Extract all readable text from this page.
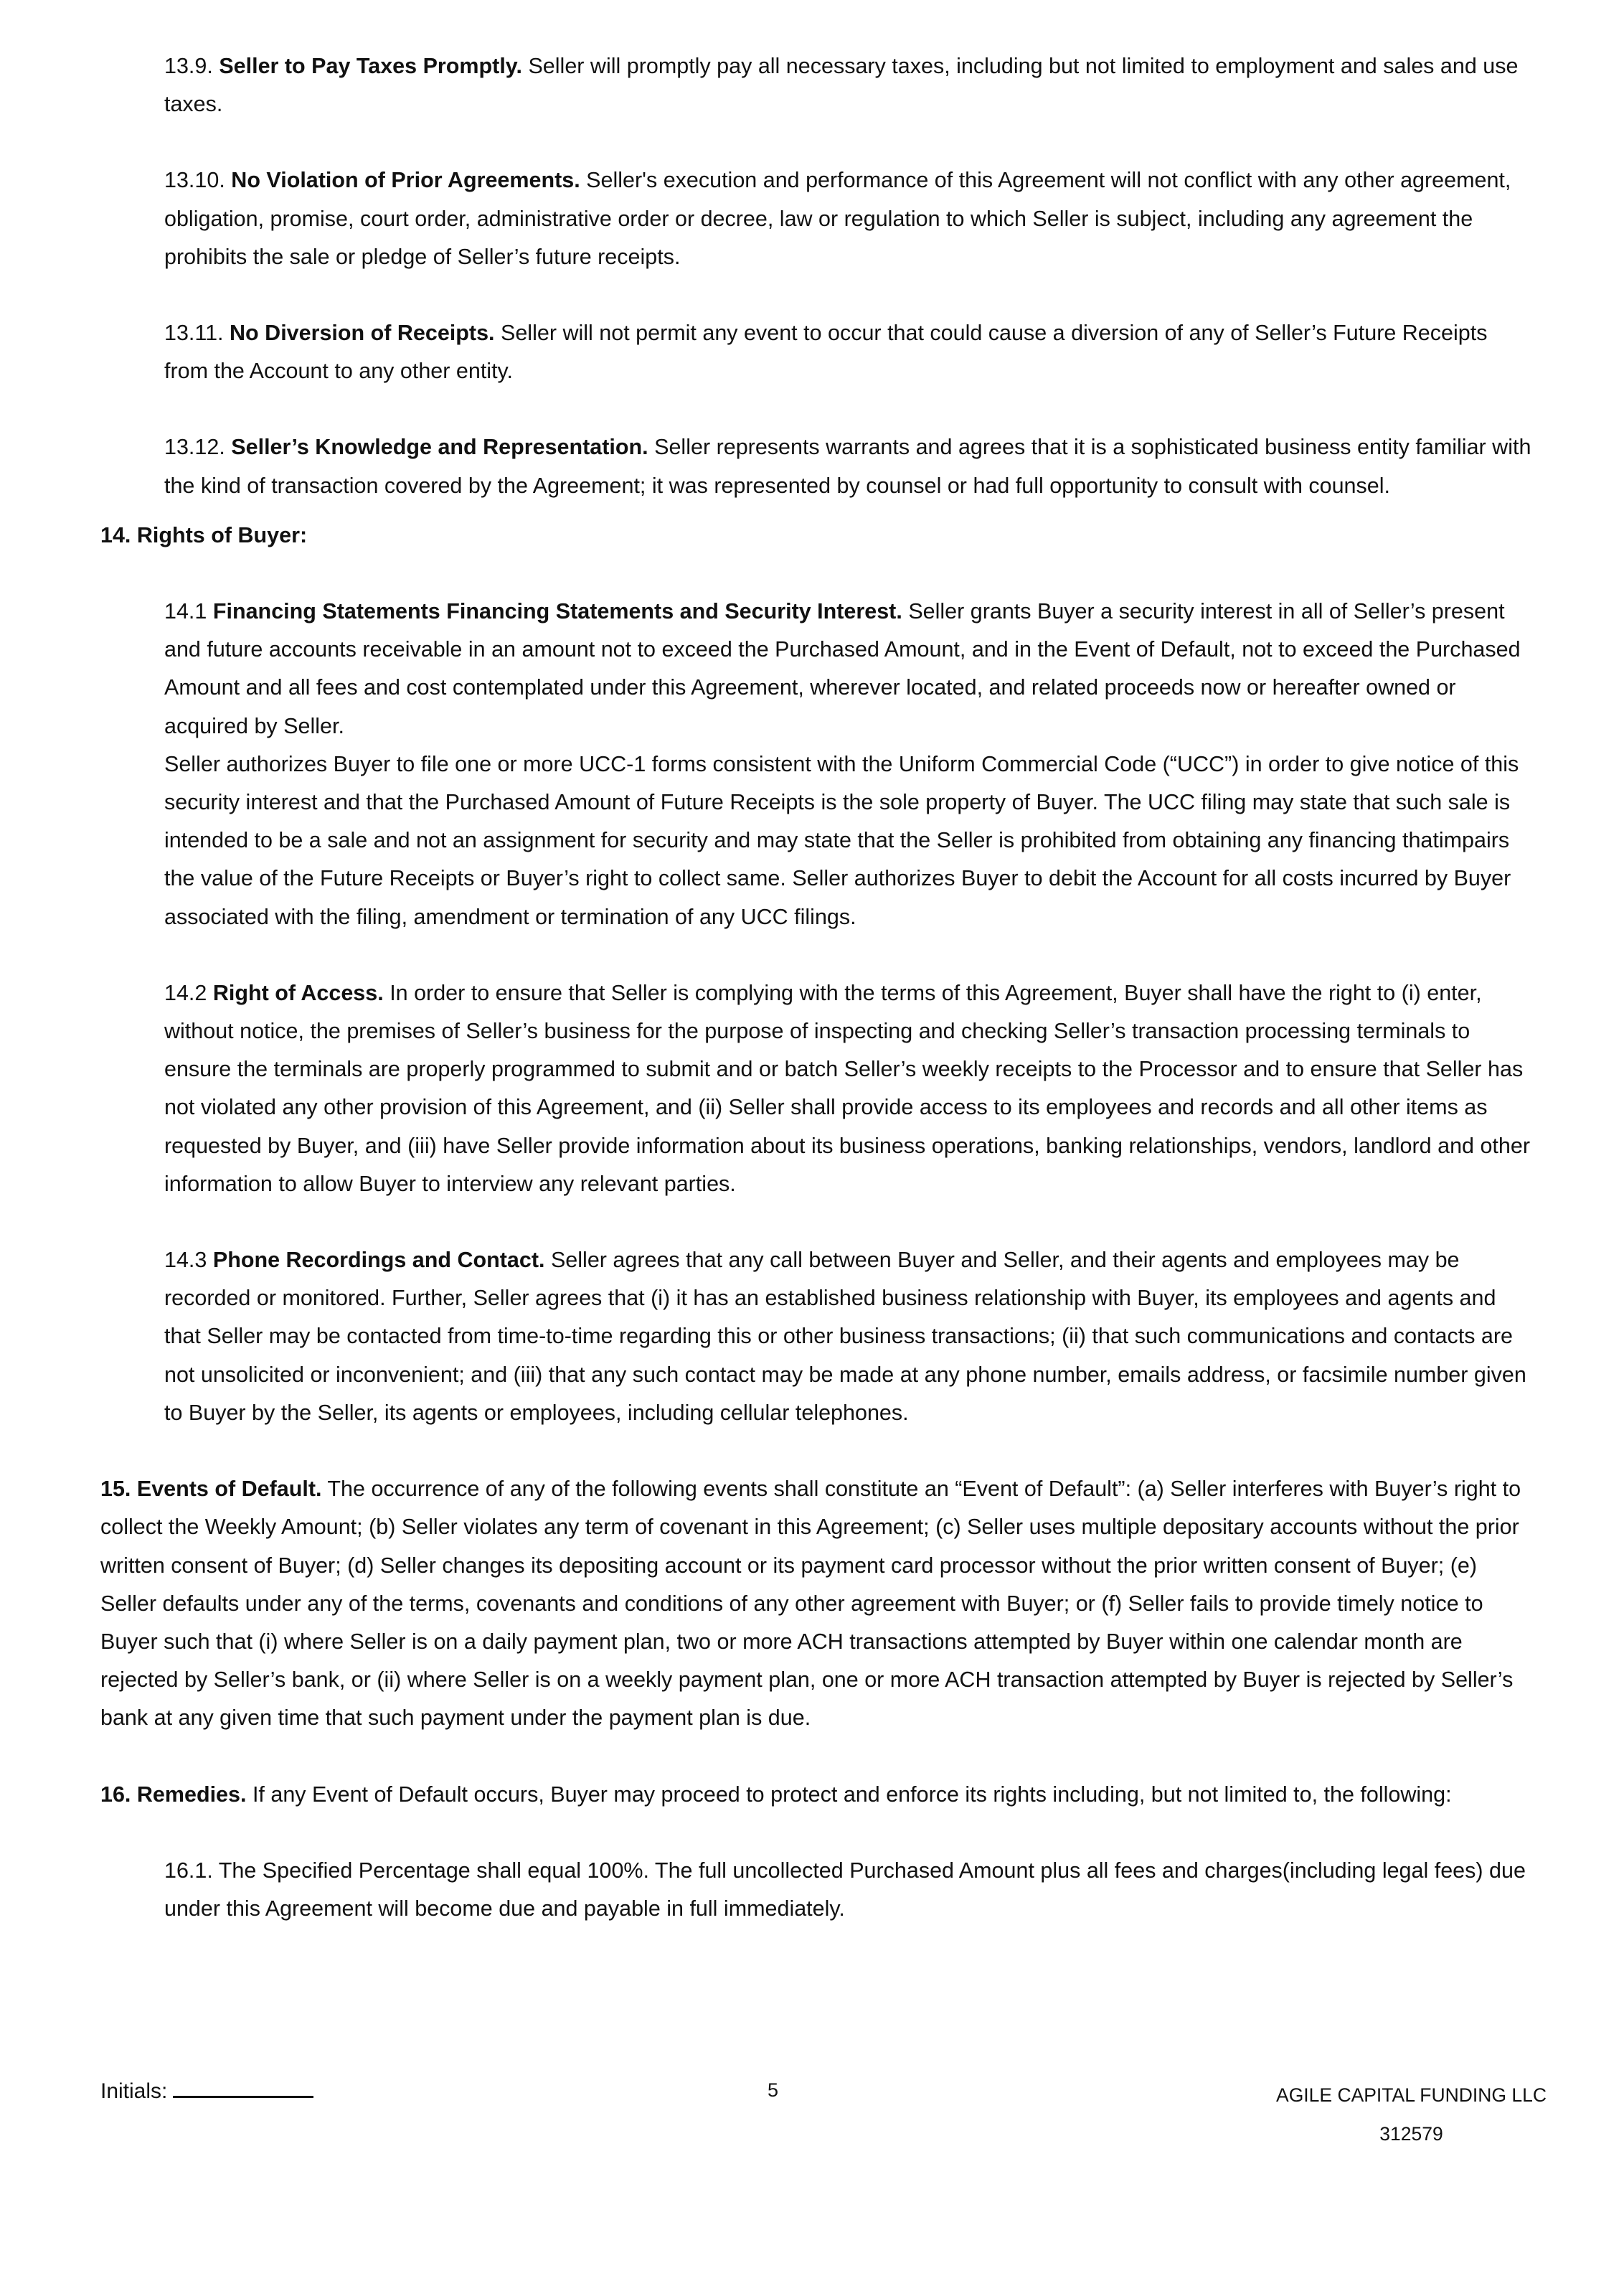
13.9. Seller to Pay Taxes Promptly. Seller will promptly pay all necessary taxes, including but not limited to employment and sales and use taxes.

13.10. No Violation of Prior Agreements. Seller's execution and performance of this Agreement will not conflict with any other agreement, obligation, promise, court order, administrative order or decree, law or regulation to which Seller is subject, including any agreement the prohibits the sale or pledge of Seller’s future receipts.

13.11. No Diversion of Receipts. Seller will not permit any event to occur that could cause a diversion of any of Seller’s Future Receipts from the Account to any other entity.

13.12. Seller’s Knowledge and Representation. Seller represents warrants and agrees that it is a sophisticated business entity familiar with the kind of transaction covered by the Agreement; it was represented by counsel or had full opportunity to consult with counsel.

14. Rights of Buyer:

14.1 Financing Statements Financing Statements and Security Interest. Seller grants Buyer a security interest in all of Seller’s present and future accounts receivable in an amount not to exceed the Purchased Amount, and in the Event of Default, not to exceed the Purchased Amount and all fees and cost contemplated under this Agreement, wherever located, and related proceeds now or hereafter owned or acquired by Seller.

Seller authorizes Buyer to file one or more UCC-1 forms consistent with the Uniform Commercial Code (“UCC”) in order to give notice of this security interest and that the Purchased Amount of Future Receipts is the sole property of Buyer. The UCC filing may state that such sale is intended to be a sale and not an assignment for security and may state that the Seller is prohibited from obtaining any financing thatimpairs the value of the Future Receipts or Buyer’s right to collect same. Seller authorizes Buyer to debit the Account for all costs incurred by Buyer associated with the filing, amendment or termination of any UCC filings.

14.2 Right of Access. In order to ensure that Seller is complying with the terms of this Agreement, Buyer shall have the right to (i) enter, without notice, the premises of Seller’s business for the purpose of inspecting and checking Seller’s transaction processing terminals to ensure the terminals are properly programmed to submit and or batch Seller’s weekly receipts to the Processor and to ensure that Seller has not violated any other provision of this Agreement, and (ii) Seller shall provide access to its employees and records and all other items as requested by Buyer, and (iii) have Seller provide information about its business operations, banking relationships, vendors, landlord and other information to allow Buyer to interview any relevant parties.

14.3 Phone Recordings and Contact. Seller agrees that any call between Buyer and Seller, and their agents and employees may be recorded or monitored. Further, Seller agrees that (i) it has an established business relationship with Buyer, its employees and agents and that Seller may be contacted from time-to-time regarding this or other business transactions; (ii) that such communications and contacts are not unsolicited or inconvenient; and (iii) that any such contact may be made at any phone number, emails address, or facsimile number given to Buyer by the Seller, its agents or employees, including cellular telephones.

15. Events of Default. The occurrence of any of the following events shall constitute an “Event of Default”: (a) Seller interferes with Buyer’s right to collect the Weekly Amount; (b) Seller violates any term of covenant in this Agreement; (c) Seller uses multiple depositary accounts without the prior written consent of Buyer; (d) Seller changes its depositing account or its payment card processor without the prior written consent of Buyer; (e) Seller defaults under any of the terms, covenants and conditions of any other agreement with Buyer; or (f) Seller fails to provide timely notice to Buyer such that (i) where Seller is on a daily payment plan, two or more ACH transactions attempted by Buyer within one calendar month are rejected by Seller’s bank, or (ii) where Seller is on a weekly payment plan, one or more ACH transaction attempted by Buyer is rejected by Seller’s bank at any given time that such payment under the payment plan is due.

16. Remedies. If any Event of Default occurs, Buyer may proceed to protect and enforce its rights including, but not limited to, the following:

16.1. The Specified Percentage shall equal 100%. The full uncollected Purchased Amount plus all fees and charges(including legal fees) due under this Agreement will become due and payable in full immediately.

Initials:	5	AGILE CAPITAL FUNDING LLC
312579
